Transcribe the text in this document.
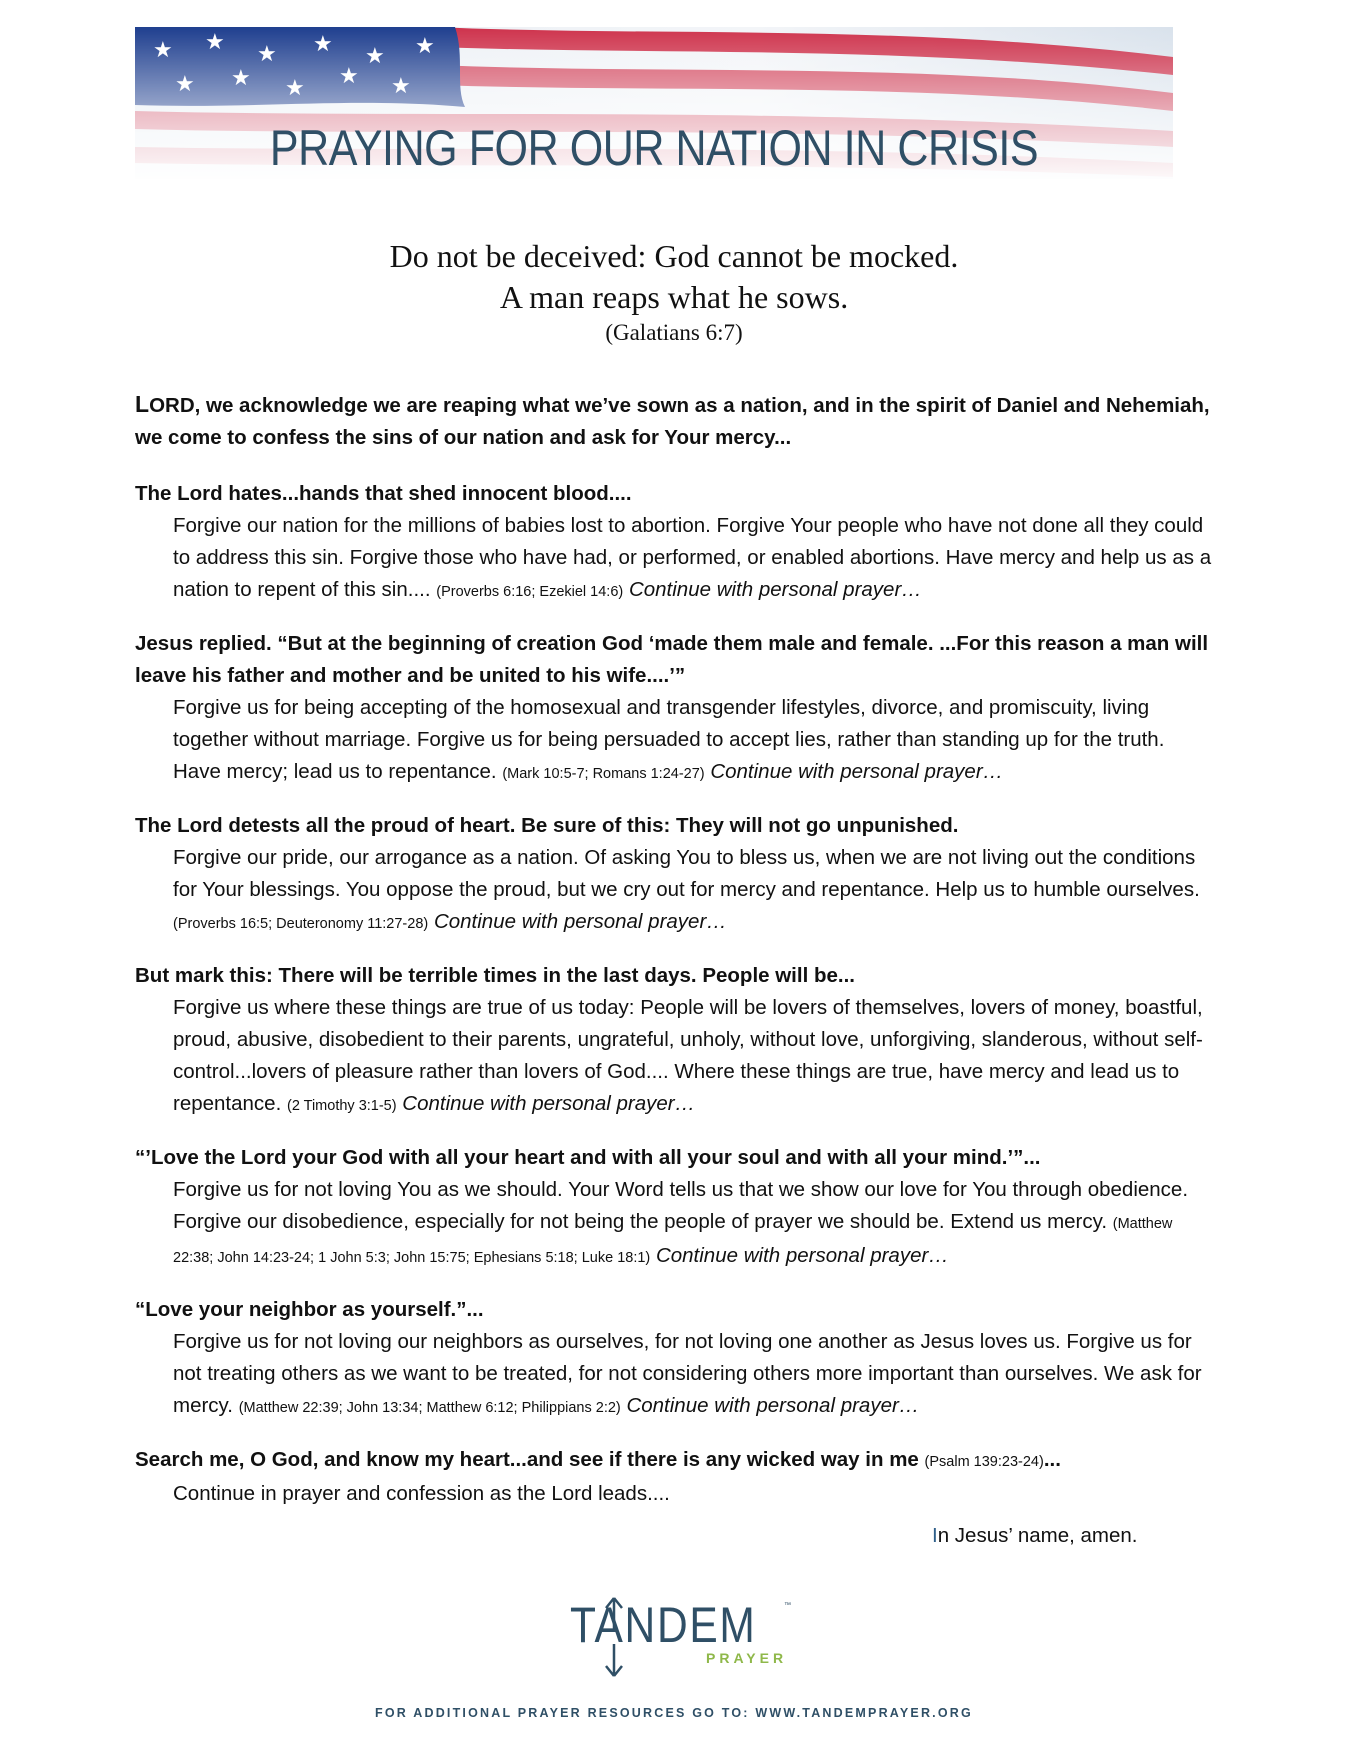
PRAYING FOR OUR NATION IN CRISIS
Do not be deceived: God cannot be mocked.
A man reaps what he sows.
(Galatians 6:7)
LORD, we acknowledge we are reaping what we’ve sown as a nation, and in the spirit of Daniel and Nehemiah, we come to confess the sins of our nation and ask for Your mercy...
The Lord hates...hands that shed innocent blood....
Forgive our nation for the millions of babies lost to abortion. Forgive Your people who have not done all they could to address this sin. Forgive those who have had, or performed, or enabled abortions. Have mercy and help us as a nation to repent of this sin.... (Proverbs 6:16; Ezekiel 14:6) Continue with personal prayer…
Jesus replied. “But at the beginning of creation God ‘made them male and female. ...For this reason a man will leave his father and mother and be united to his wife....’”
Forgive us for being accepting of the homosexual and transgender lifestyles, divorce, and promiscuity, living together without marriage. Forgive us for being persuaded to accept lies, rather than standing up for the truth. Have mercy; lead us to repentance. (Mark 10:5-7; Romans 1:24-27) Continue with personal prayer…
The Lord detests all the proud of heart. Be sure of this: They will not go unpunished.
Forgive our pride, our arrogance as a nation. Of asking You to bless us, when we are not living out the conditions for Your blessings. You oppose the proud, but we cry out for mercy and repentance. Help us to humble ourselves. (Proverbs 16:5; Deuteronomy 11:27-28) Continue with personal prayer…
But mark this: There will be terrible times in the last days. People will be...
Forgive us where these things are true of us today: People will be lovers of themselves, lovers of money, boastful, proud, abusive, disobedient to their parents, ungrateful, unholy, without love, unforgiving, slanderous, without self-control...lovers of pleasure rather than lovers of God.... Where these things are true, have mercy and lead us to repentance. (2 Timothy 3:1-5) Continue with personal prayer…
“’Love the Lord your God with all your heart and with all your soul and with all your mind.’”...
Forgive us for not loving You as we should. Your Word tells us that we show our love for You through obedience. Forgive our disobedience, especially for not being the people of prayer we should be. Extend us mercy. (Matthew 22:38; John 14:23-24; 1 John 5:3; John 15:75; Ephesians 5:18; Luke 18:1) Continue with personal prayer…
“Love your neighbor as yourself.”...
Forgive us for not loving our neighbors as ourselves, for not loving one another as Jesus loves us. Forgive us for not treating others as we want to be treated, for not considering others more important than ourselves. We ask for mercy. (Matthew 22:39; John 13:34; Matthew 6:12; Philippians 2:2) Continue with personal prayer…
Search me, O God, and know my heart...and see if there is any wicked way in me (Psalm 139:23-24)...
Continue in prayer and confession as the Lord leads....
In Jesus’ name, amen.
TANDEM	™
PRAYER
FOR ADDITIONAL PRAYER RESOURCES GO TO: WWW.TANDEMPRAYER.ORG
